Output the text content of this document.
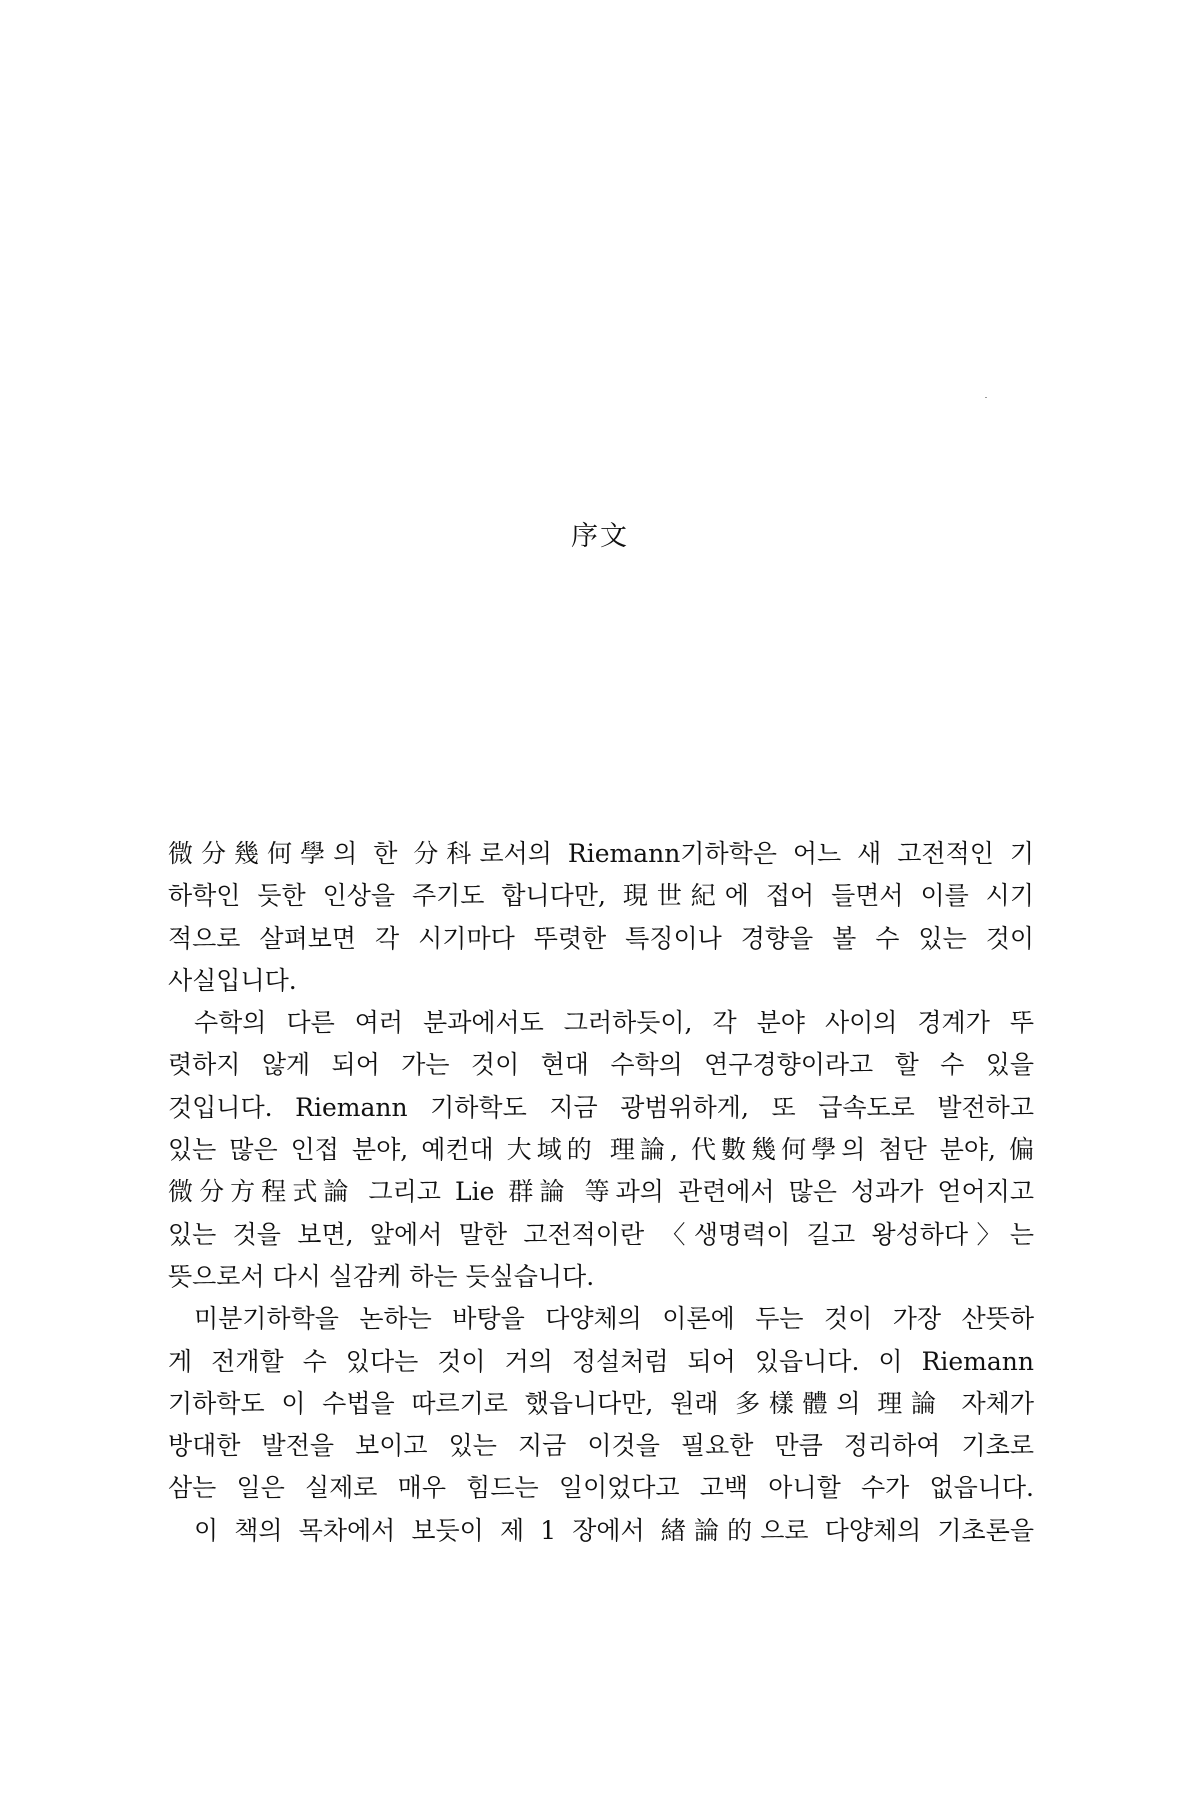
序文
微分幾何學의 한 分科로서의 Riemann기하학은 어느 새 고전적인 기
하학인 듯한 인상을 주기도 합니다만, 現世紀에 접어 들면서 이를 시기
적으로 살펴보면 각 시기마다 뚜렷한 특징이나 경향을 볼 수 있는 것이
사실입니다.
수학의 다른 여러 분과에서도 그러하듯이, 각 분야 사이의 경계가 뚜
렷하지 않게 되어 가는 것이 현대 수학의 연구경향이라고 할 수 있을
것입니다. Riemann 기하학도 지금 광범위하게, 또 급속도로 발전하고
있는 많은 인접 분야, 예컨대 大域的 理論, 代數幾何學의 첨단 분야, 偏
微分方程式論 그리고 Lie 群論 等과의 관련에서 많은 성과가 얻어지고
있는 것을 보면, 앞에서 말한 고전적이란 〈생명력이 길고 왕성하다〉는
뜻으로서 다시 실감케 하는 듯싶습니다.
미분기하학을 논하는 바탕을 다양체의 이론에 두는 것이 가장 산뜻하
게 전개할 수 있다는 것이 거의 정설처럼 되어 있읍니다. 이 Riemann
기하학도 이 수법을 따르기로 했읍니다만, 원래 多樣體의 理論 자체가
방대한 발전을 보이고 있는 지금 이것을 필요한 만큼 정리하여 기초로
삼는 일은 실제로 매우 힘드는 일이었다고 고백 아니할 수가 없읍니다.
이 책의 목차에서 보듯이 제 1 장에서 緖論的으로 다양체의 기초론을
